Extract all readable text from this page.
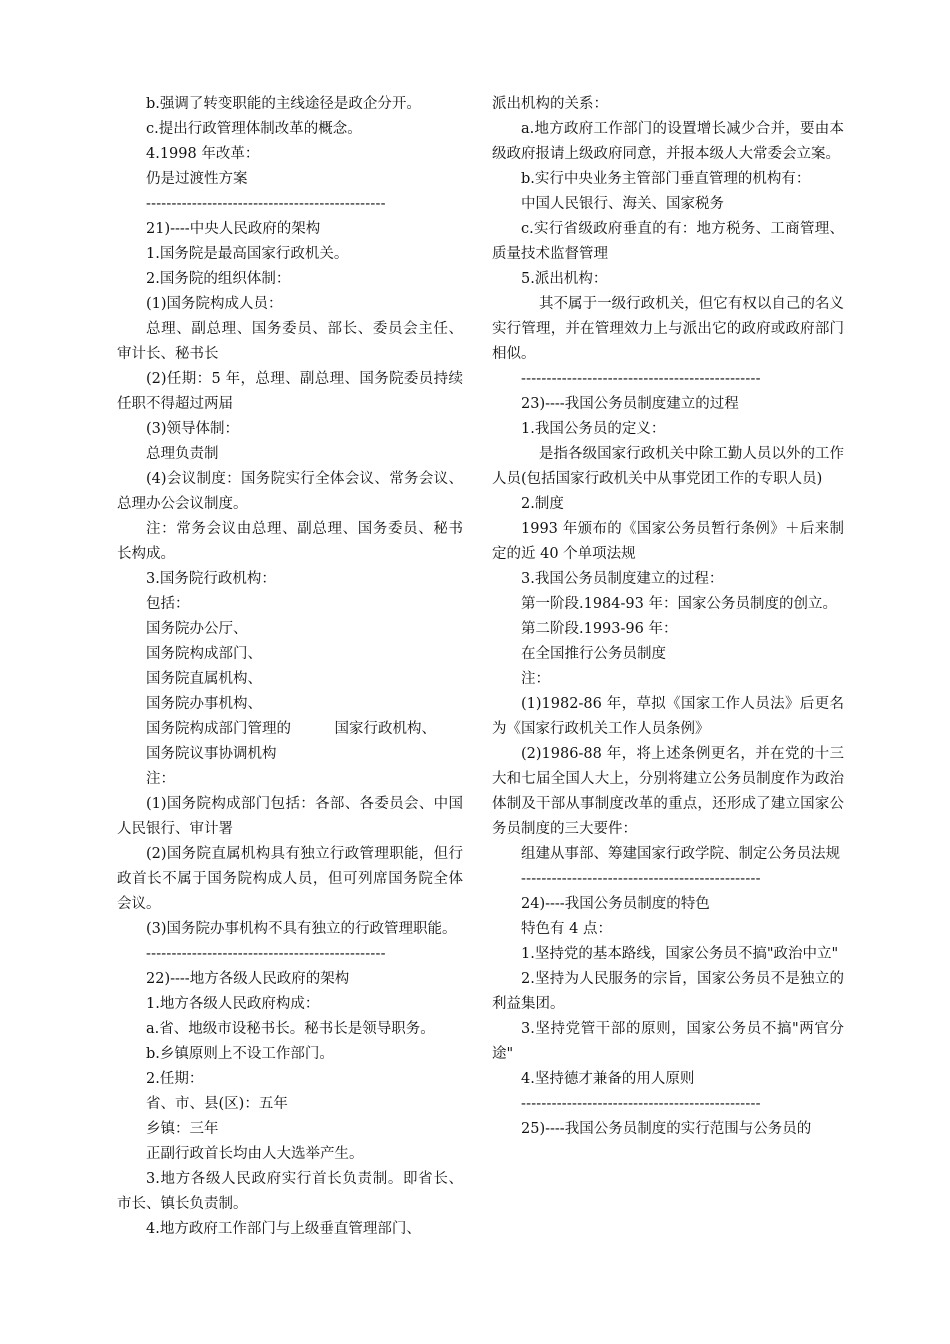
b.强调了转变职能的主线途径是政企分开。

c.提出行政管理体制改革的概念。

4.1998 年改革：

仍是过渡性方案

-----------------------------------------------

21)----中央人民政府的架构

1.国务院是最高国家行政机关。

2.国务院的组织体制：

(1)国务院构成人员：

总理、副总理、国务委员、部长、委员会主任、审计长、秘书长

(2)任期：5 年，总理、副总理、国务院委员持续任职不得超过两届

(3)领导体制：

总理负责制

(4)会议制度：国务院实行全体会议、常务会议、总理办公会议制度。

注：常务会议由总理、副总理、国务委员、秘书长构成。

3.国务院行政机构：

包括：

国务院办公厅、

国务院构成部门、

国务院直属机构、

国务院办事机构、

国务院构成部门管理的　　　国家行政机构、

国务院议事协调机构

注：

(1)国务院构成部门包括：各部、各委员会、中国人民银行、审计署

(2)国务院直属机构具有独立行政管理职能，但行政首长不属于国务院构成人员，但可列席国务院全体会议。

(3)国务院办事机构不具有独立的行政管理职能。

-----------------------------------------------

22)----地方各级人民政府的架构

1.地方各级人民政府构成：

a.省、地级市设秘书长。秘书长是领导职务。

b.乡镇原则上不设工作部门。

2.任期：

省、市、县(区)：五年

乡镇：三年

正副行政首长均由人大选举产生。

3.地方各级人民政府实行首长负责制。即省长、市长、镇长负责制。

4.地方政府工作部门与上级垂直管理部门、

派出机构的关系：

a.地方政府工作部门的设置增长减少合并，要由本级政府报请上级政府同意，并报本级人大常委会立案。

b.实行中央业务主管部门垂直管理的机构有：

中国人民银行、海关、国家税务

c.实行省级政府垂直的有：地方税务、工商管理、质量技术监督管理

5.派出机构：

其不属于一级行政机关，但它有权以自己的名义实行管理，并在管理效力上与派出它的政府或政府部门相似。

-----------------------------------------------

23)----我国公务员制度建立的过程

1.我国公务员的定义：

是指各级国家行政机关中除工勤人员以外的工作人员(包括国家行政机关中从事党团工作的专职人员)

2.制度

1993 年颁布的《国家公务员暂行条例》＋后来制定的近 40 个单项法规

3.我国公务员制度建立的过程：

第一阶段.1984-93 年：国家公务员制度的创立。

第二阶段.1993-96 年：

在全国推行公务员制度

注：

(1)1982-86 年，草拟《国家工作人员法》后更名为《国家行政机关工作人员条例》

(2)1986-88 年，将上述条例更名，并在党的十三大和七届全国人大上，分别将建立公务员制度作为政治体制及干部从事制度改革的重点，还形成了建立国家公务员制度的三大要件：

组建从事部、筹建国家行政学院、制定公务员法规

-----------------------------------------------

24)----我国公务员制度的特色

特色有 4 点：

1.坚持党的基本路线，国家公务员不搞"政治中立"

2.坚持为人民服务的宗旨，国家公务员不是独立的利益集团。

3.坚持党管干部的原则，国家公务员不搞"两官分途"

4.坚持德才兼备的用人原则

-----------------------------------------------

25)----我国公务员制度的实行范围与公务员的
